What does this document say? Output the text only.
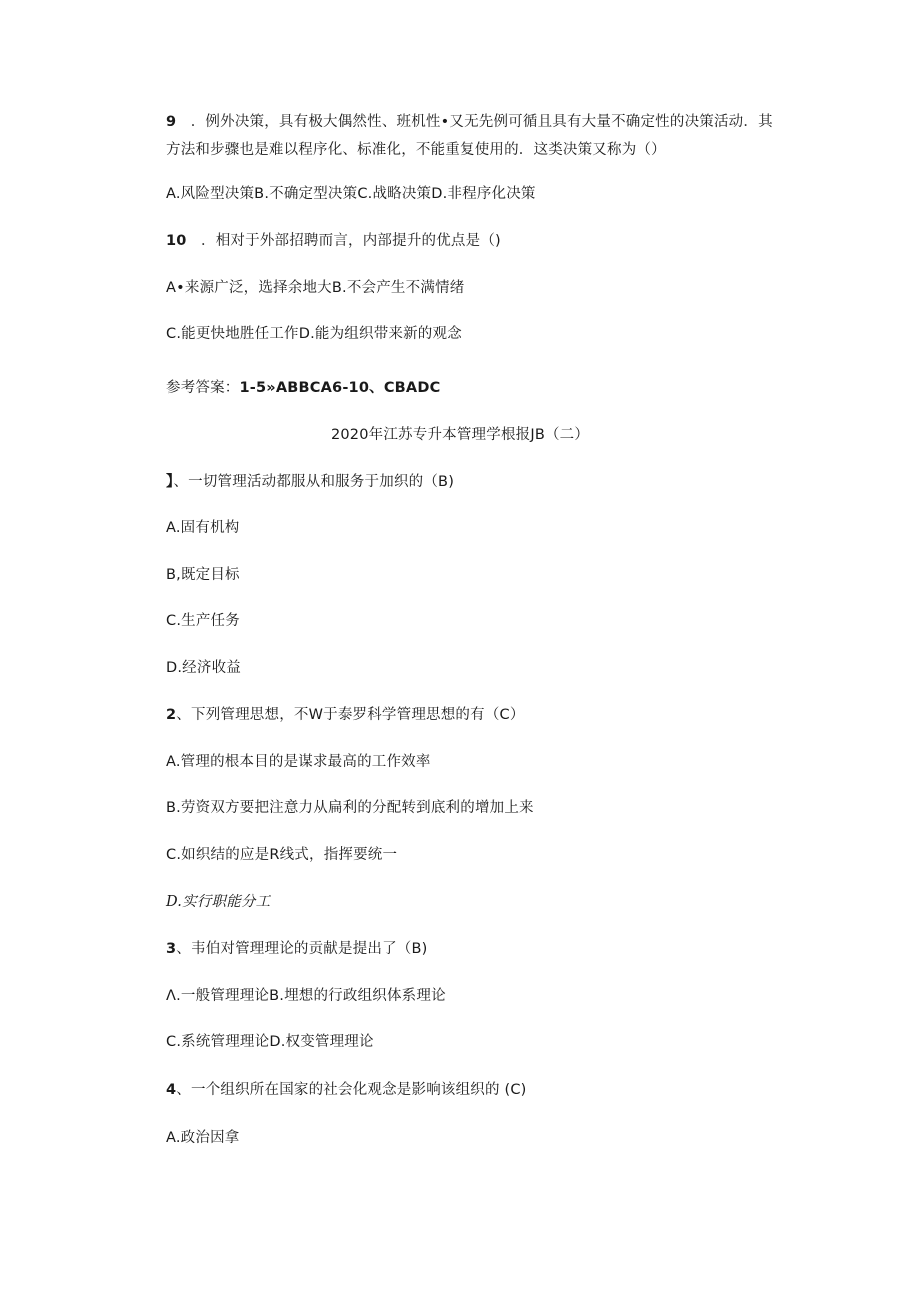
9 ．例外决策，具有极大偶然性、班机性•又无先例可循且具有大量不确定性的决策活动．其方法和步骤也是难以程序化、标准化，不能重复使用的．这类决策又称为（）
A.风险型决策B.不确定型决策C.战略决策D.非程序化决策
10 ．相对于外部招聘而言，内部提升的优点是（)
A•来源广泛，选择余地大B.不会产生不满情绪
C.能更快地胜任工作D.能为组织带来新的观念
参考答案：1-5»ABBCA6-10、CBADC
2020年江苏专升本管理学根报JB（二）
】、一切管理活动都服从和服务于加织的（B)
A.固有机构
B,既定目标
C.生产任务
D.经济收益
2、下列管理思想，不W于泰罗科学管理思想的有（C）
A.管理的根本目的是谋求最高的工作效率
B.劳资双方要把注意力从扁利的分配转到底利的增加上来
C.如织结的应是R线式，指挥要统一
D.实行职能分工
3、韦伯对管理理论的贡献是提出了（B)
Λ.一般管理理论B.埋想的行政组织体系理论
C.系统管理理论D.权变管理理论
4、一个组织所在国家的社会化观念是影响该组织的 (C)
A.政治因拿
